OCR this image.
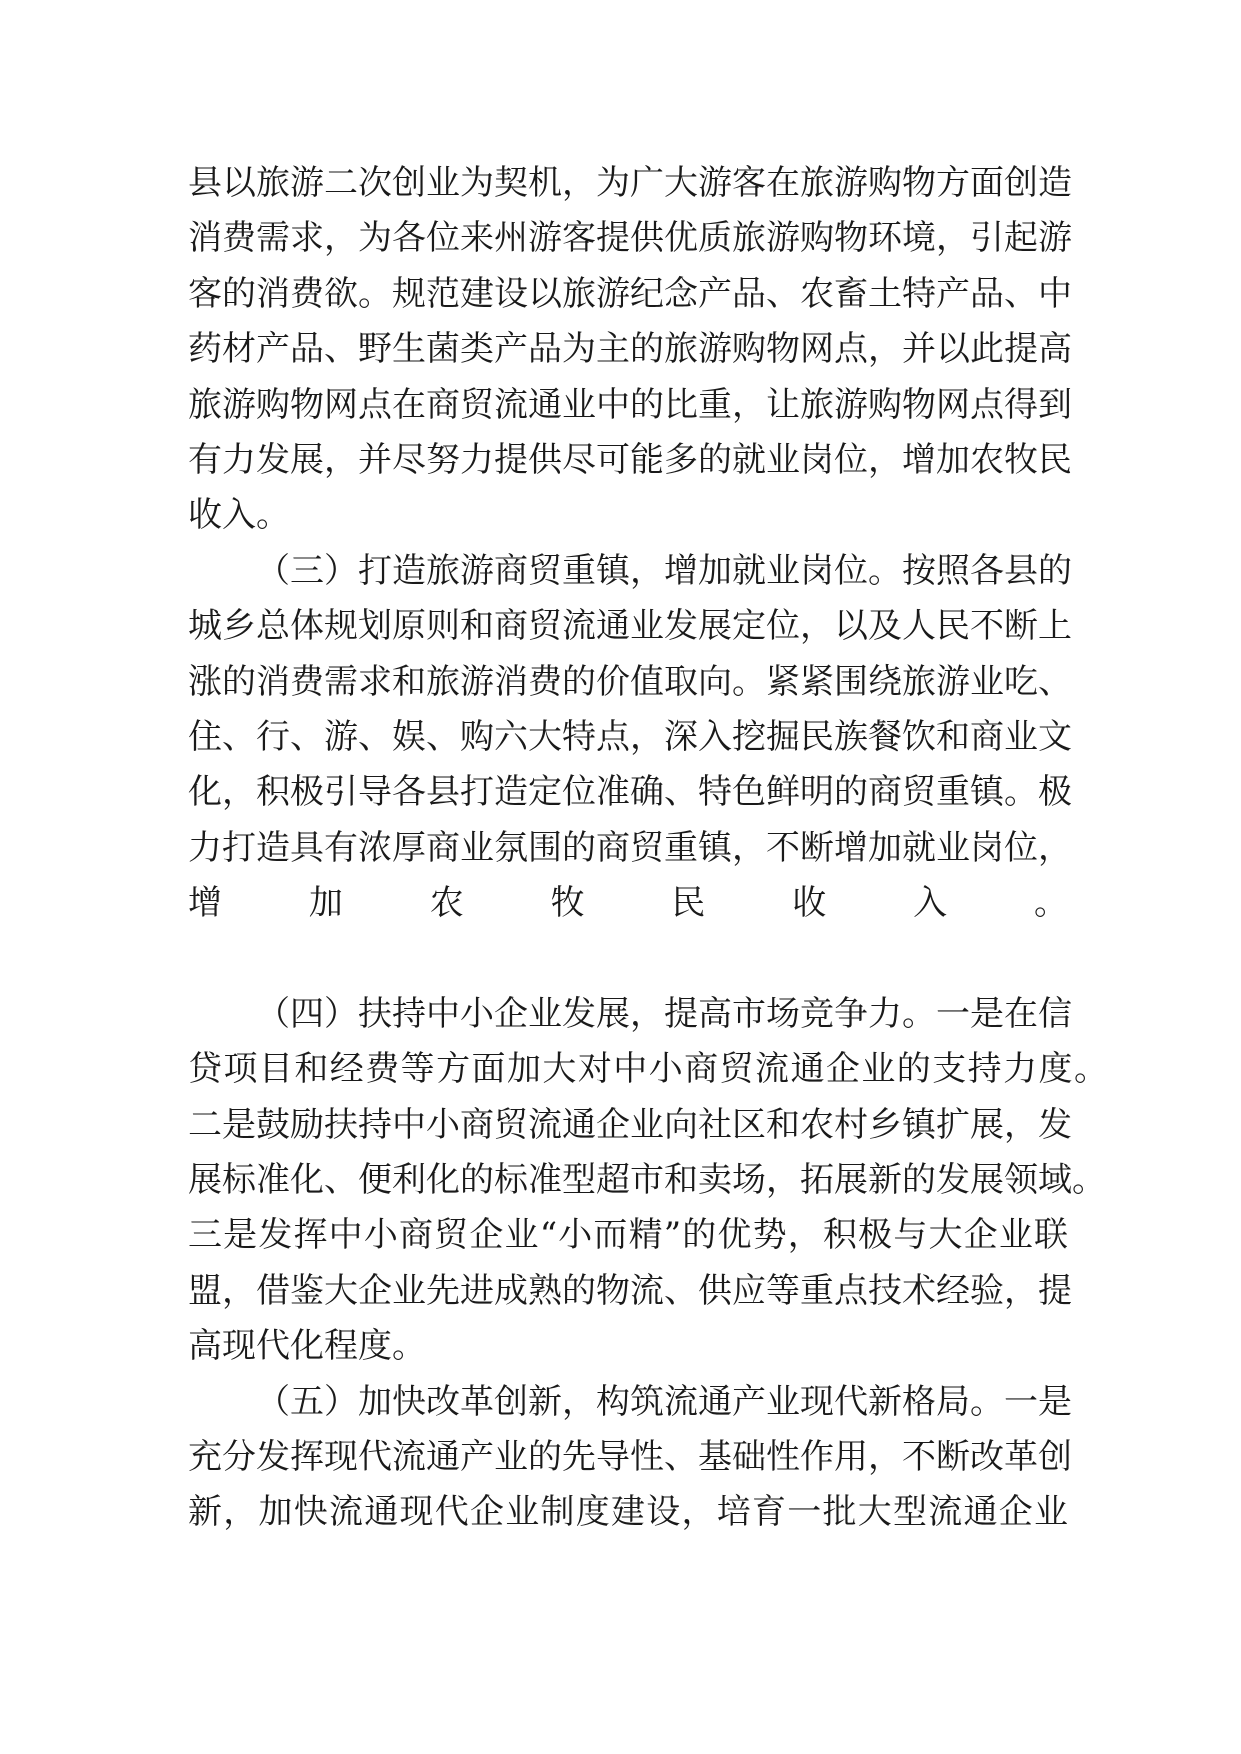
县以旅游二次创业为契机，为广大游客在旅游购物方面创造
消费需求，为各位来州游客提供优质旅游购物环境，引起游
客的消费欲。规范建设以旅游纪念产品、农畜土特产品、中
药材产品、野生菌类产品为主的旅游购物网点，并以此提高
旅游购物网点在商贸流通业中的比重，让旅游购物网点得到
有力发展，并尽努力提供尽可能多的就业岗位，增加农牧民
收入。
（三）打造旅游商贸重镇，增加就业岗位。按照各县的
城乡总体规划原则和商贸流通业发展定位，以及人民不断上
涨的消费需求和旅游消费的价值取向。紧紧围绕旅游业吃、
住、行、游、娱、购六大特点，深入挖掘民族餐饮和商业文
化，积极引导各县打造定位准确、特色鲜明的商贸重镇。极
力打造具有浓厚商业氛围的商贸重镇，不断增加就业岗位，
增加农牧民收入。
（四）扶持中小企业发展，提高市场竞争力。一是在信
贷项目和经费等方面加大对中小商贸流通企业的支持力度。
二是鼓励扶持中小商贸流通企业向社区和农村乡镇扩展，发
展标准化、便利化的标准型超市和卖场，拓展新的发展领域。
三是发挥中小商贸企业“小而精”的优势，积极与大企业联
盟，借鉴大企业先进成熟的物流、供应等重点技术经验，提
高现代化程度。
（五）加快改革创新，构筑流通产业现代新格局。一是
充分发挥现代流通产业的先导性、基础性作用，不断改革创
新，加快流通现代企业制度建设，培育一批大型流通企业
